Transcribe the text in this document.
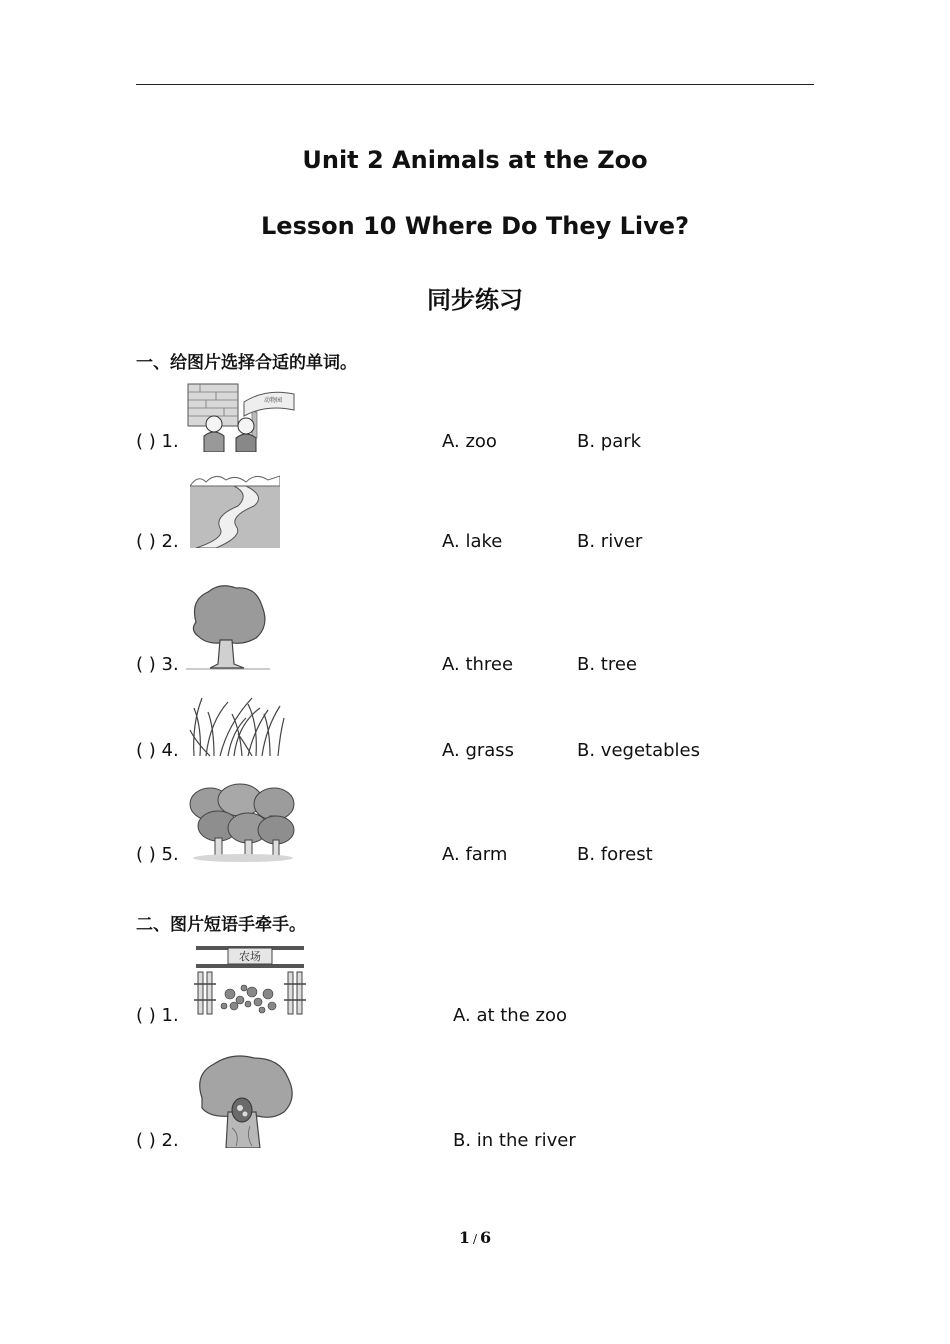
Unit 2 Animals at the Zoo
Lesson 10 Where Do They Live?
同步练习
一、给图片选择合适的单词。
动物园
( ) 1.	A. zoo	B. park
( ) 2.	A. lake	B. river
( ) 3.	A. three	B. tree
( ) 4.	A. grass	B. vegetables
( ) 5.	A. farm	B. forest
二、图片短语手牵手。
农场
( ) 1.	A. at the zoo
( ) 2.	B. in the river
1 / 6
